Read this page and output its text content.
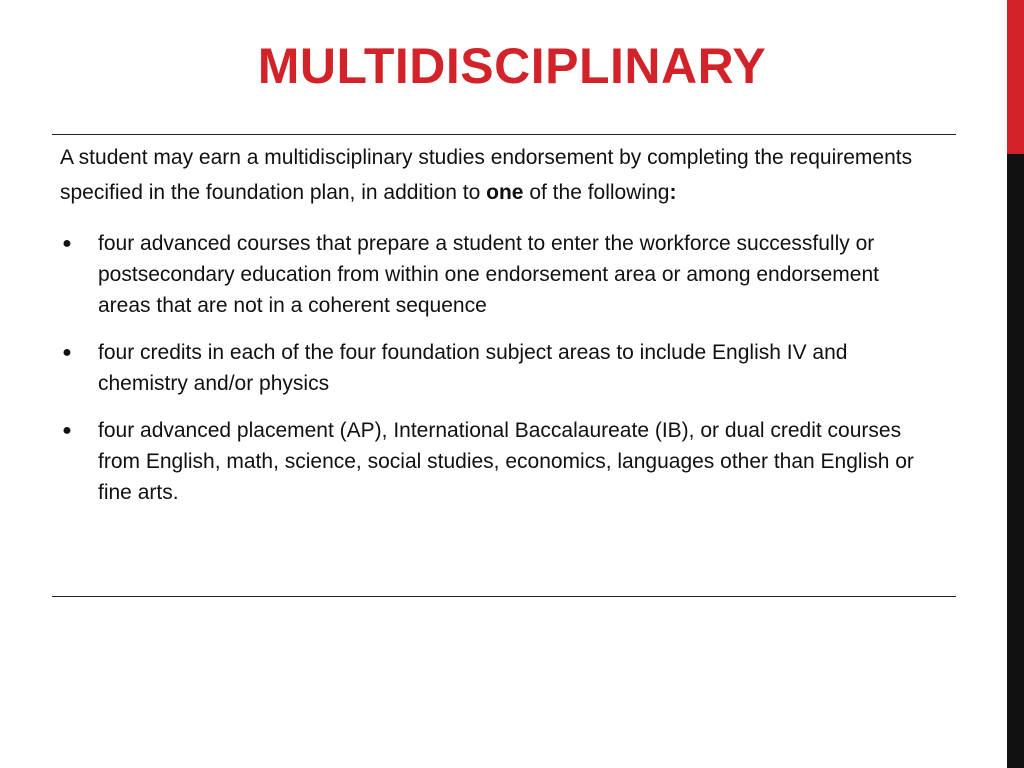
MULTIDISCIPLINARY

A student may earn a multidisciplinary studies endorsement by completing the requirements specified in the foundation plan, in addition to one of the following:

● four advanced courses that prepare a student to enter the workforce successfully or postsecondary education from within one endorsement area or among endorsement areas that are not in a coherent sequence
● four credits in each of the four foundation subject areas to include English IV and chemistry and/or physics
● four advanced placement (AP), International Baccalaureate (IB), or dual credit courses from English, math, science, social studies, economics, languages other than English or fine arts.
